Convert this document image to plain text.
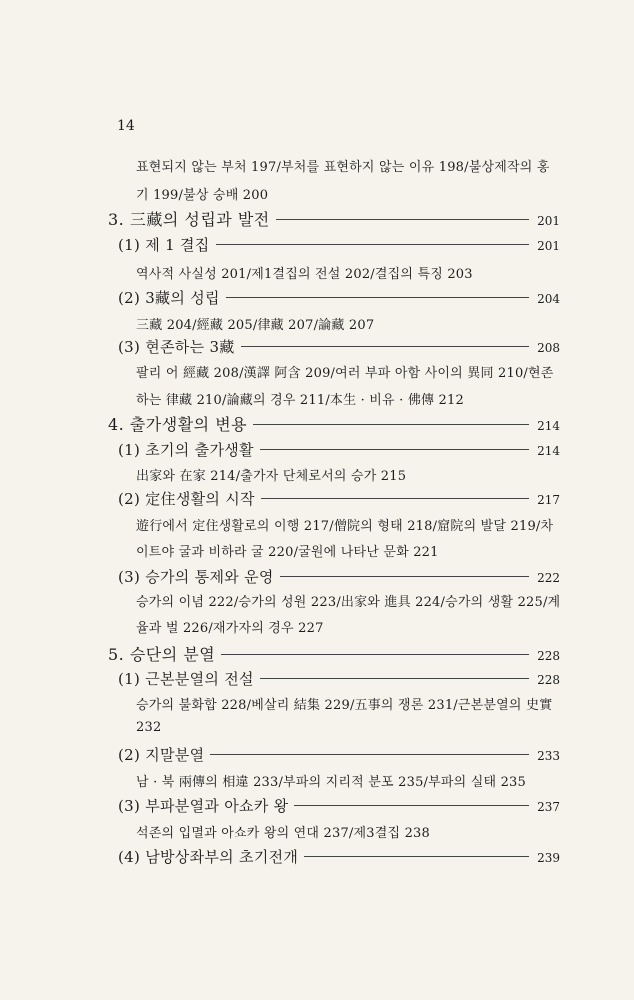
14
표현되지 않는 부처 197/부처를 표현하지 않는 이유 198/불상제작의 홍
기 199/불상 숭배 200
3. 三藏의 성립과 발전	201
(1) 제 1 결집	201
역사적 사실성 201/제1결집의 전설 202/결집의 특징 203
(2) 3藏의 성립	204
三藏 204/經藏 205/律藏 207/論藏 207
(3) 현존하는 3藏	208
팔리 어 經藏 208/漢譯 阿含 209/여러 부파 아함 사이의 異同 210/현존
하는 律藏 210/論藏의 경우 211/本生 · 비유 · 佛傳 212
4. 출가생활의 변용	214
(1) 초기의 출가생활	214
出家와 在家 214/출가자 단체로서의 승가 215
(2) 定住생활의 시작	217
遊行에서 定住생활로의 이행 217/僧院의 형태 218/窟院의 발달 219/차
이트야 굴과 비하라 굴 220/굴원에 나타난 문화 221
(3) 승가의 통제와 운영	222
승가의 이념 222/승가의 성원 223/出家와 進具 224/승가의 생활 225/계
율과 벌 226/재가자의 경우 227
5. 승단의 분열	228
(1) 근본분열의 전설	228
승가의 불화합 228/베살리 結集 229/五事의 쟁론 231/근본분열의 史實
232
(2) 지말분열	233
남 · 북 兩傳의 相違 233/부파의 지리적 분포 235/부파의 실태 235
(3) 부파분열과 아쇼카 왕	237
석존의 입멸과 아쇼카 왕의 연대 237/제3결집 238
(4) 남방상좌부의 초기전개	239
